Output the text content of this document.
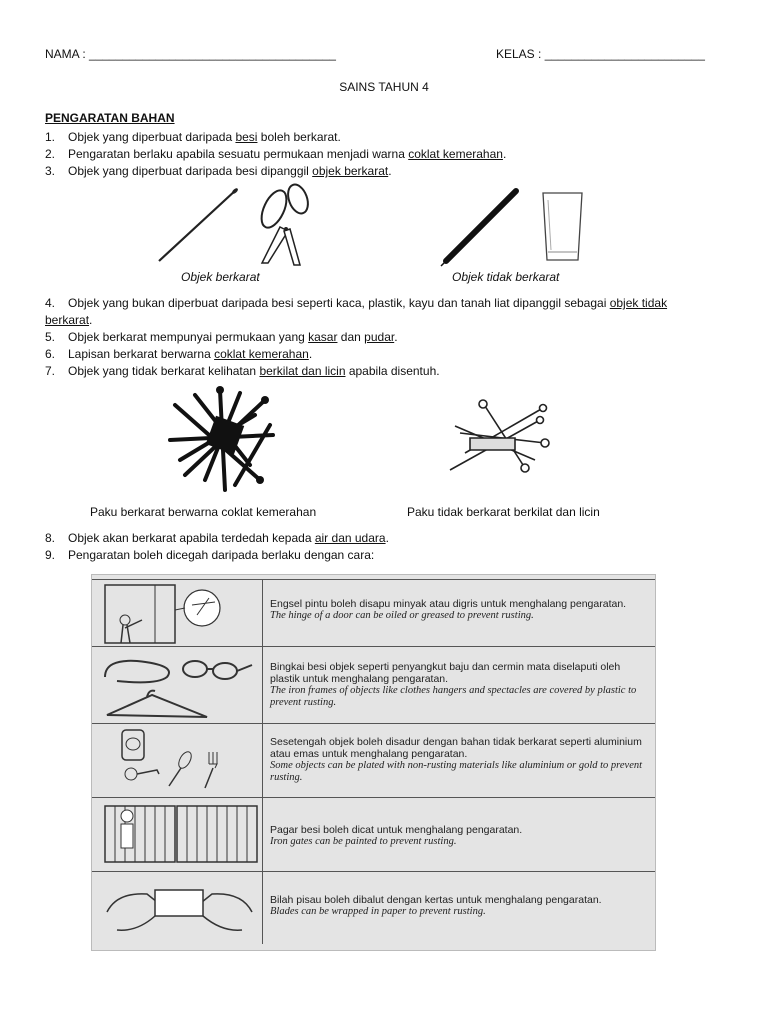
NAMA : _____________________________________	KELAS : ________________________
SAINS TAHUN 4
PENGARATAN BAHAN
1. Objek yang diperbuat daripada besi boleh berkarat.
2. Pengaratan berlaku apabila sesuatu permukaan menjadi warna coklat kemerahan.
3. Objek yang diperbuat daripada besi dipanggil objek berkarat.
Objek berkarat	Objek tidak berkarat
4. Objek yang bukan diperbuat daripada besi seperti kaca, plastik, kayu dan tanah liat dipanggil sebagai objek tidak
berkarat.
5. Objek berkarat mempunyai permukaan yang kasar dan pudar.
6. Lapisan berkarat berwarna coklat kemerahan.
7. Objek yang tidak berkarat kelihatan berkilat dan licin apabila disentuh.
Paku berkarat berwarna coklat kemerahan	Paku tidak berkarat berkilat dan licin
8. Objek akan berkarat apabila terdedah kepada air dan udara.
9. Pengaratan boleh dicegah daripada berlaku dengan cara:
Engsel pintu boleh disapu minyak atau digris untuk menghalang pengaratan.
The hinge of a door can be oiled or greased to prevent rusting.
Bingkai besi objek seperti penyangkut baju dan cermin mata diselaputi oleh plastik untuk menghalang pengaratan.
The iron frames of objects like clothes hangers and spectacles are covered by plastic to prevent rusting.
Sesetengah objek boleh disadur dengan bahan tidak berkarat seperti aluminium atau emas untuk menghalang pengaratan.
Some objects can be plated with non-rusting materials like aluminium or gold to prevent rusting.
Pagar besi boleh dicat untuk menghalang pengaratan.
Iron gates can be painted to prevent rusting.
Bilah pisau boleh dibalut dengan kertas untuk menghalang pengaratan.
Blades can be wrapped in paper to prevent rusting.
